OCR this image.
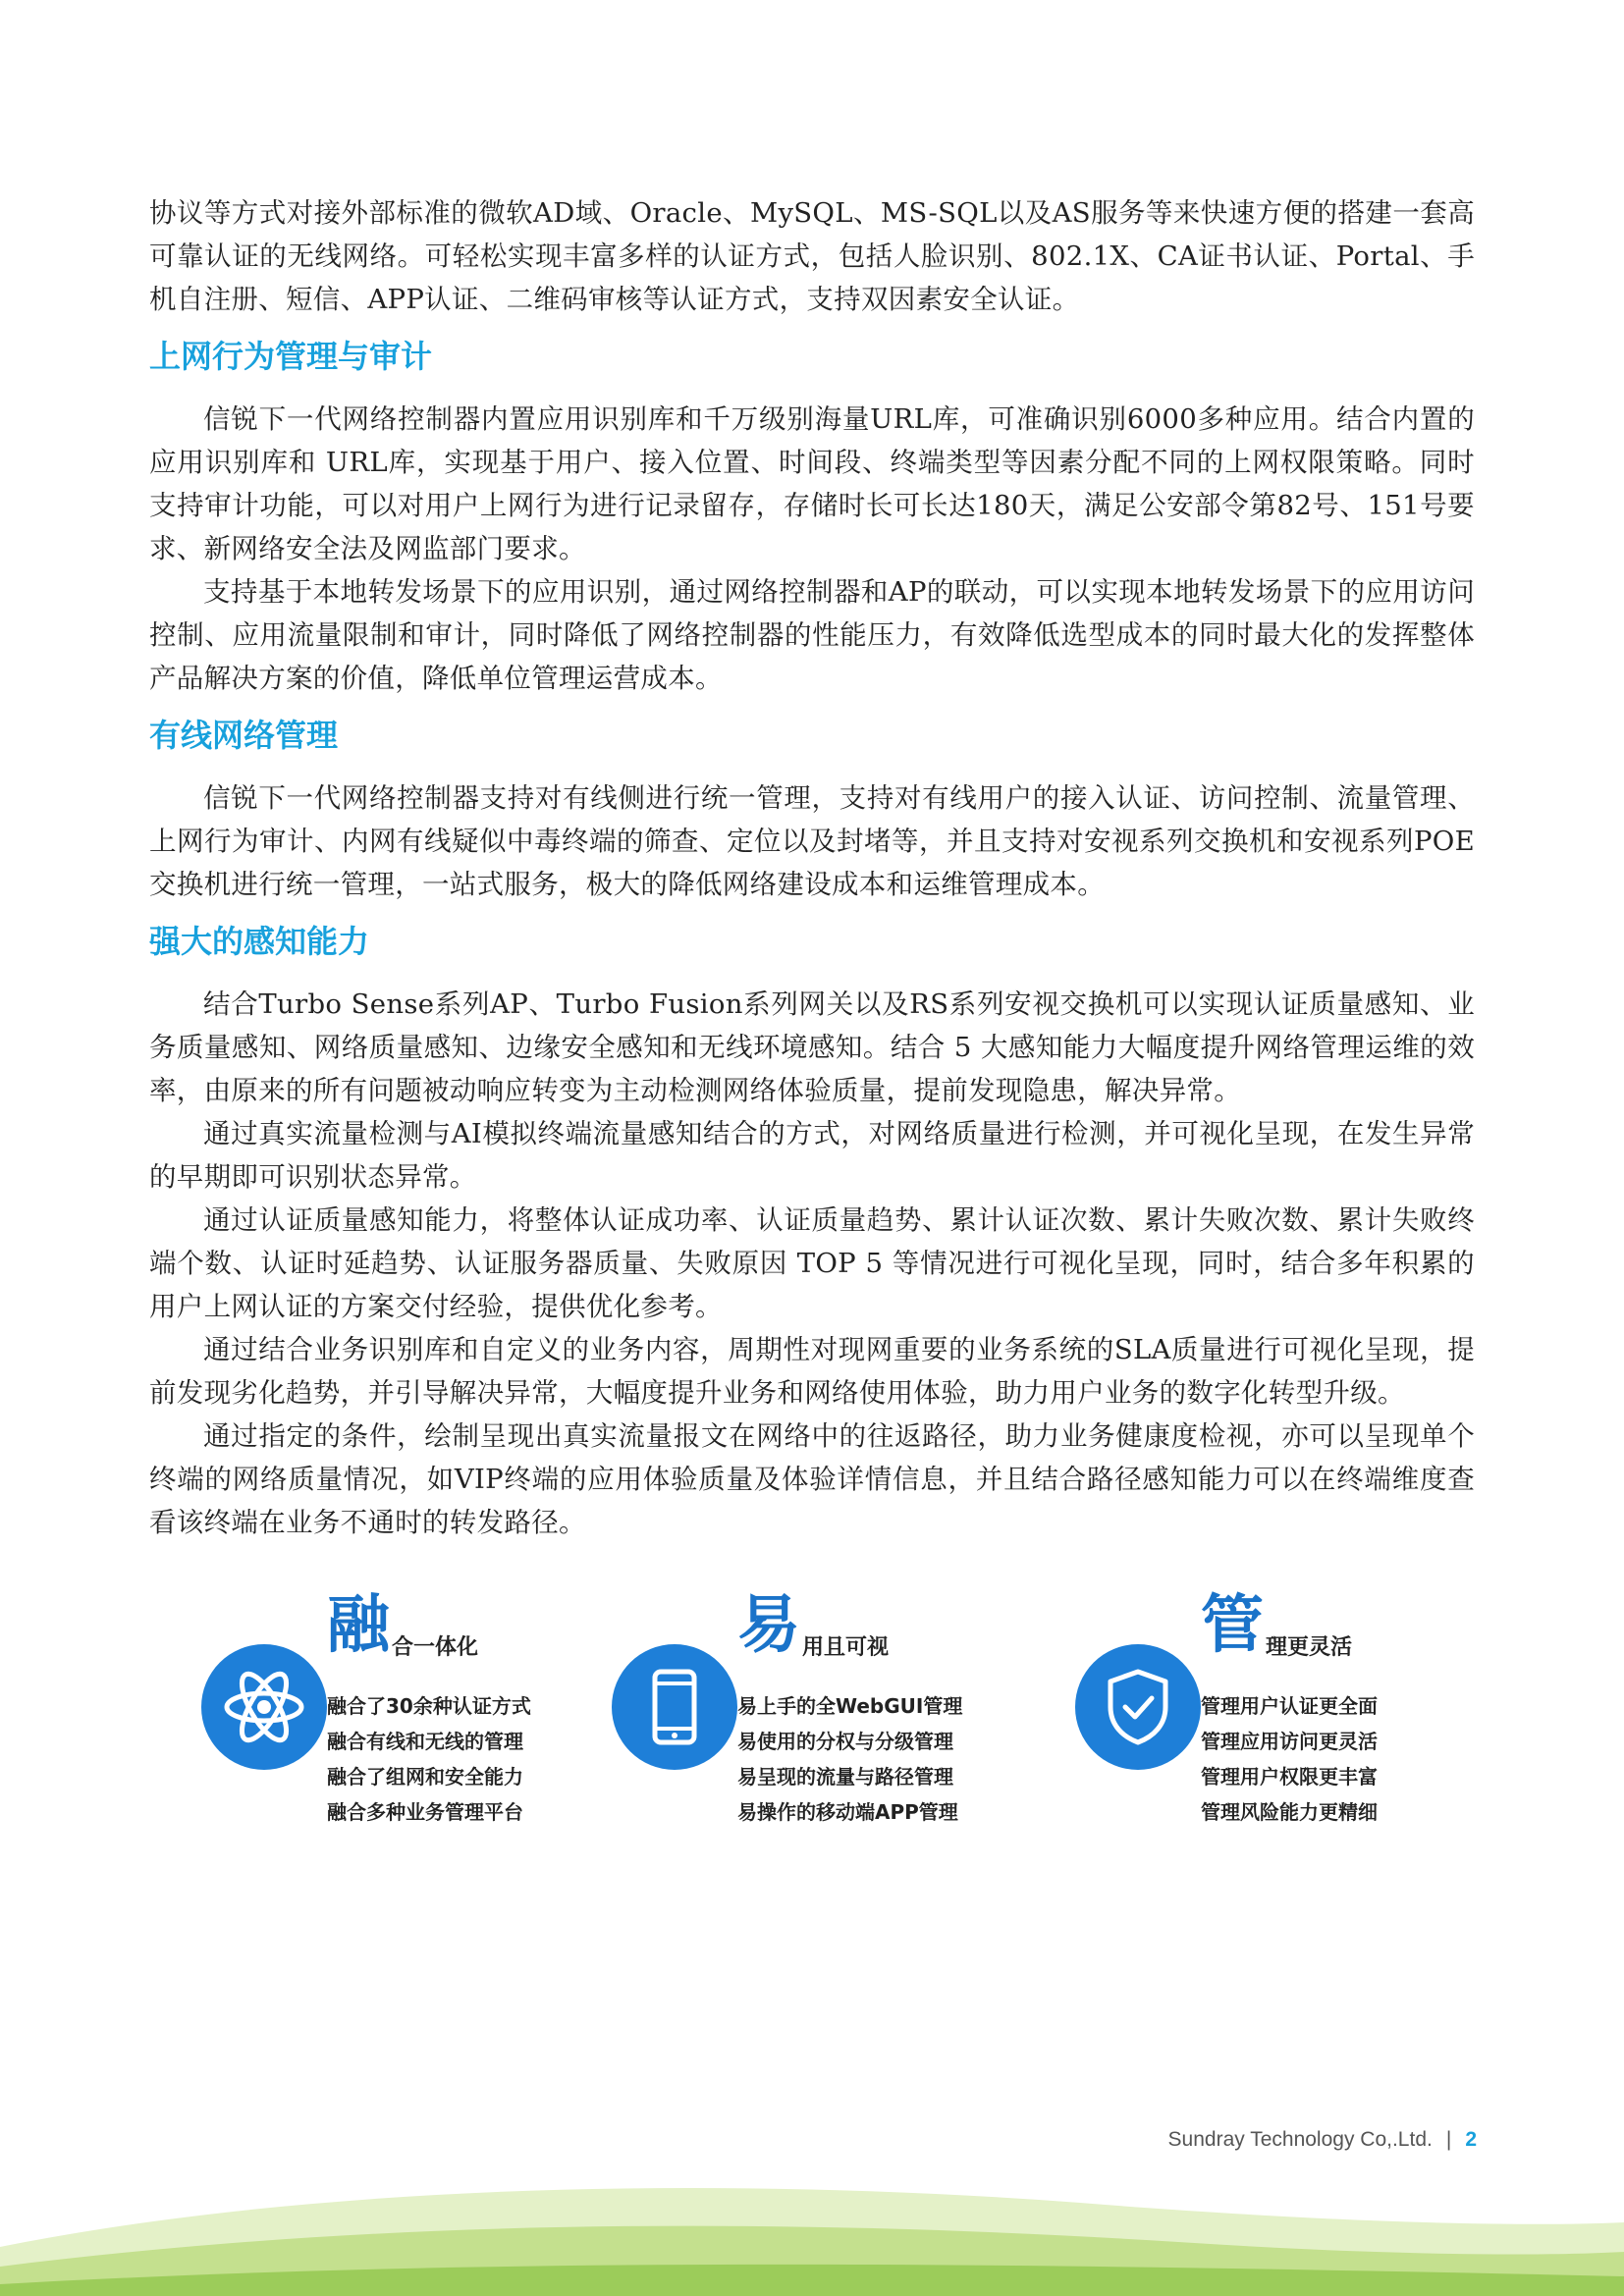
协议等方式对接外部标准的微软AD域、Oracle、MySQL、MS-SQL以及AS服务等来快速方便的搭建一套高可靠认证的无线网络。可轻松实现丰富多样的认证方式，包括人脸识别、802.1X、CA证书认证、Portal、手机自注册、短信、APP认证、二维码审核等认证方式，支持双因素安全认证。

上网行为管理与审计

信锐下一代网络控制器内置应用识别库和千万级别海量URL库，可准确识别6000多种应用。结合内置的应用识别库和 URL库，实现基于用户、接入位置、时间段、终端类型等因素分配不同的上网权限策略。同时支持审计功能，可以对用户上网行为进行记录留存，存储时长可长达180天，满足公安部令第82号、151号要求、新网络安全法及网监部门要求。

支持基于本地转发场景下的应用识别，通过网络控制器和AP的联动，可以实现本地转发场景下的应用访问控制、应用流量限制和审计，同时降低了网络控制器的性能压力，有效降低选型成本的同时最大化的发挥整体产品解决方案的价值，降低单位管理运营成本。

有线网络管理

信锐下一代网络控制器支持对有线侧进行统一管理，支持对有线用户的接入认证、访问控制、流量管理、上网行为审计、内网有线疑似中毒终端的筛查、定位以及封堵等，并且支持对安视系列交换机和安视系列POE交换机进行统一管理，一站式服务，极大的降低网络建设成本和运维管理成本。

强大的感知能力

结合Turbo Sense系列AP、Turbo Fusion系列网关以及RS系列安视交换机可以实现认证质量感知、业务质量感知、网络质量感知、边缘安全感知和无线环境感知。结合 5 大感知能力大幅度提升网络管理运维的效率，由原来的所有问题被动响应转变为主动检测网络体验质量，提前发现隐患，解决异常。

通过真实流量检测与AI模拟终端流量感知结合的方式，对网络质量进行检测，并可视化呈现，在发生异常的早期即可识别状态异常。

通过认证质量感知能力，将整体认证成功率、认证质量趋势、累计认证次数、累计失败次数、累计失败终端个数、认证时延趋势、认证服务器质量、失败原因 TOP 5 等情况进行可视化呈现，同时，结合多年积累的用户上网认证的方案交付经验，提供优化参考。

通过结合业务识别库和自定义的业务内容，周期性对现网重要的业务系统的SLA质量进行可视化呈现，提前发现劣化趋势，并引导解决异常，大幅度提升业务和网络使用体验，助力用户业务的数字化转型升级。

通过指定的条件，绘制呈现出真实流量报文在网络中的往返路径，助力业务健康度检视，亦可以呈现单个终端的网络质量情况，如VIP终端的应用体验质量及体验详情信息，并且结合路径感知能力可以在终端维度查看该终端在业务不通时的转发路径。

融合一体化
融合了30余种认证方式
融合有线和无线的管理
融合了组网和安全能力
融合多种业务管理平台
易用且可视
易上手的全WebGUI管理
易使用的分权与分级管理
易呈现的流量与路径管理
易操作的移动端APP管理
管理更灵活
管理用户认证更全面
管理应用访问更灵活
管理用户权限更丰富
管理风险能力更精细
Sundray Technology Co,.Ltd. | 2
